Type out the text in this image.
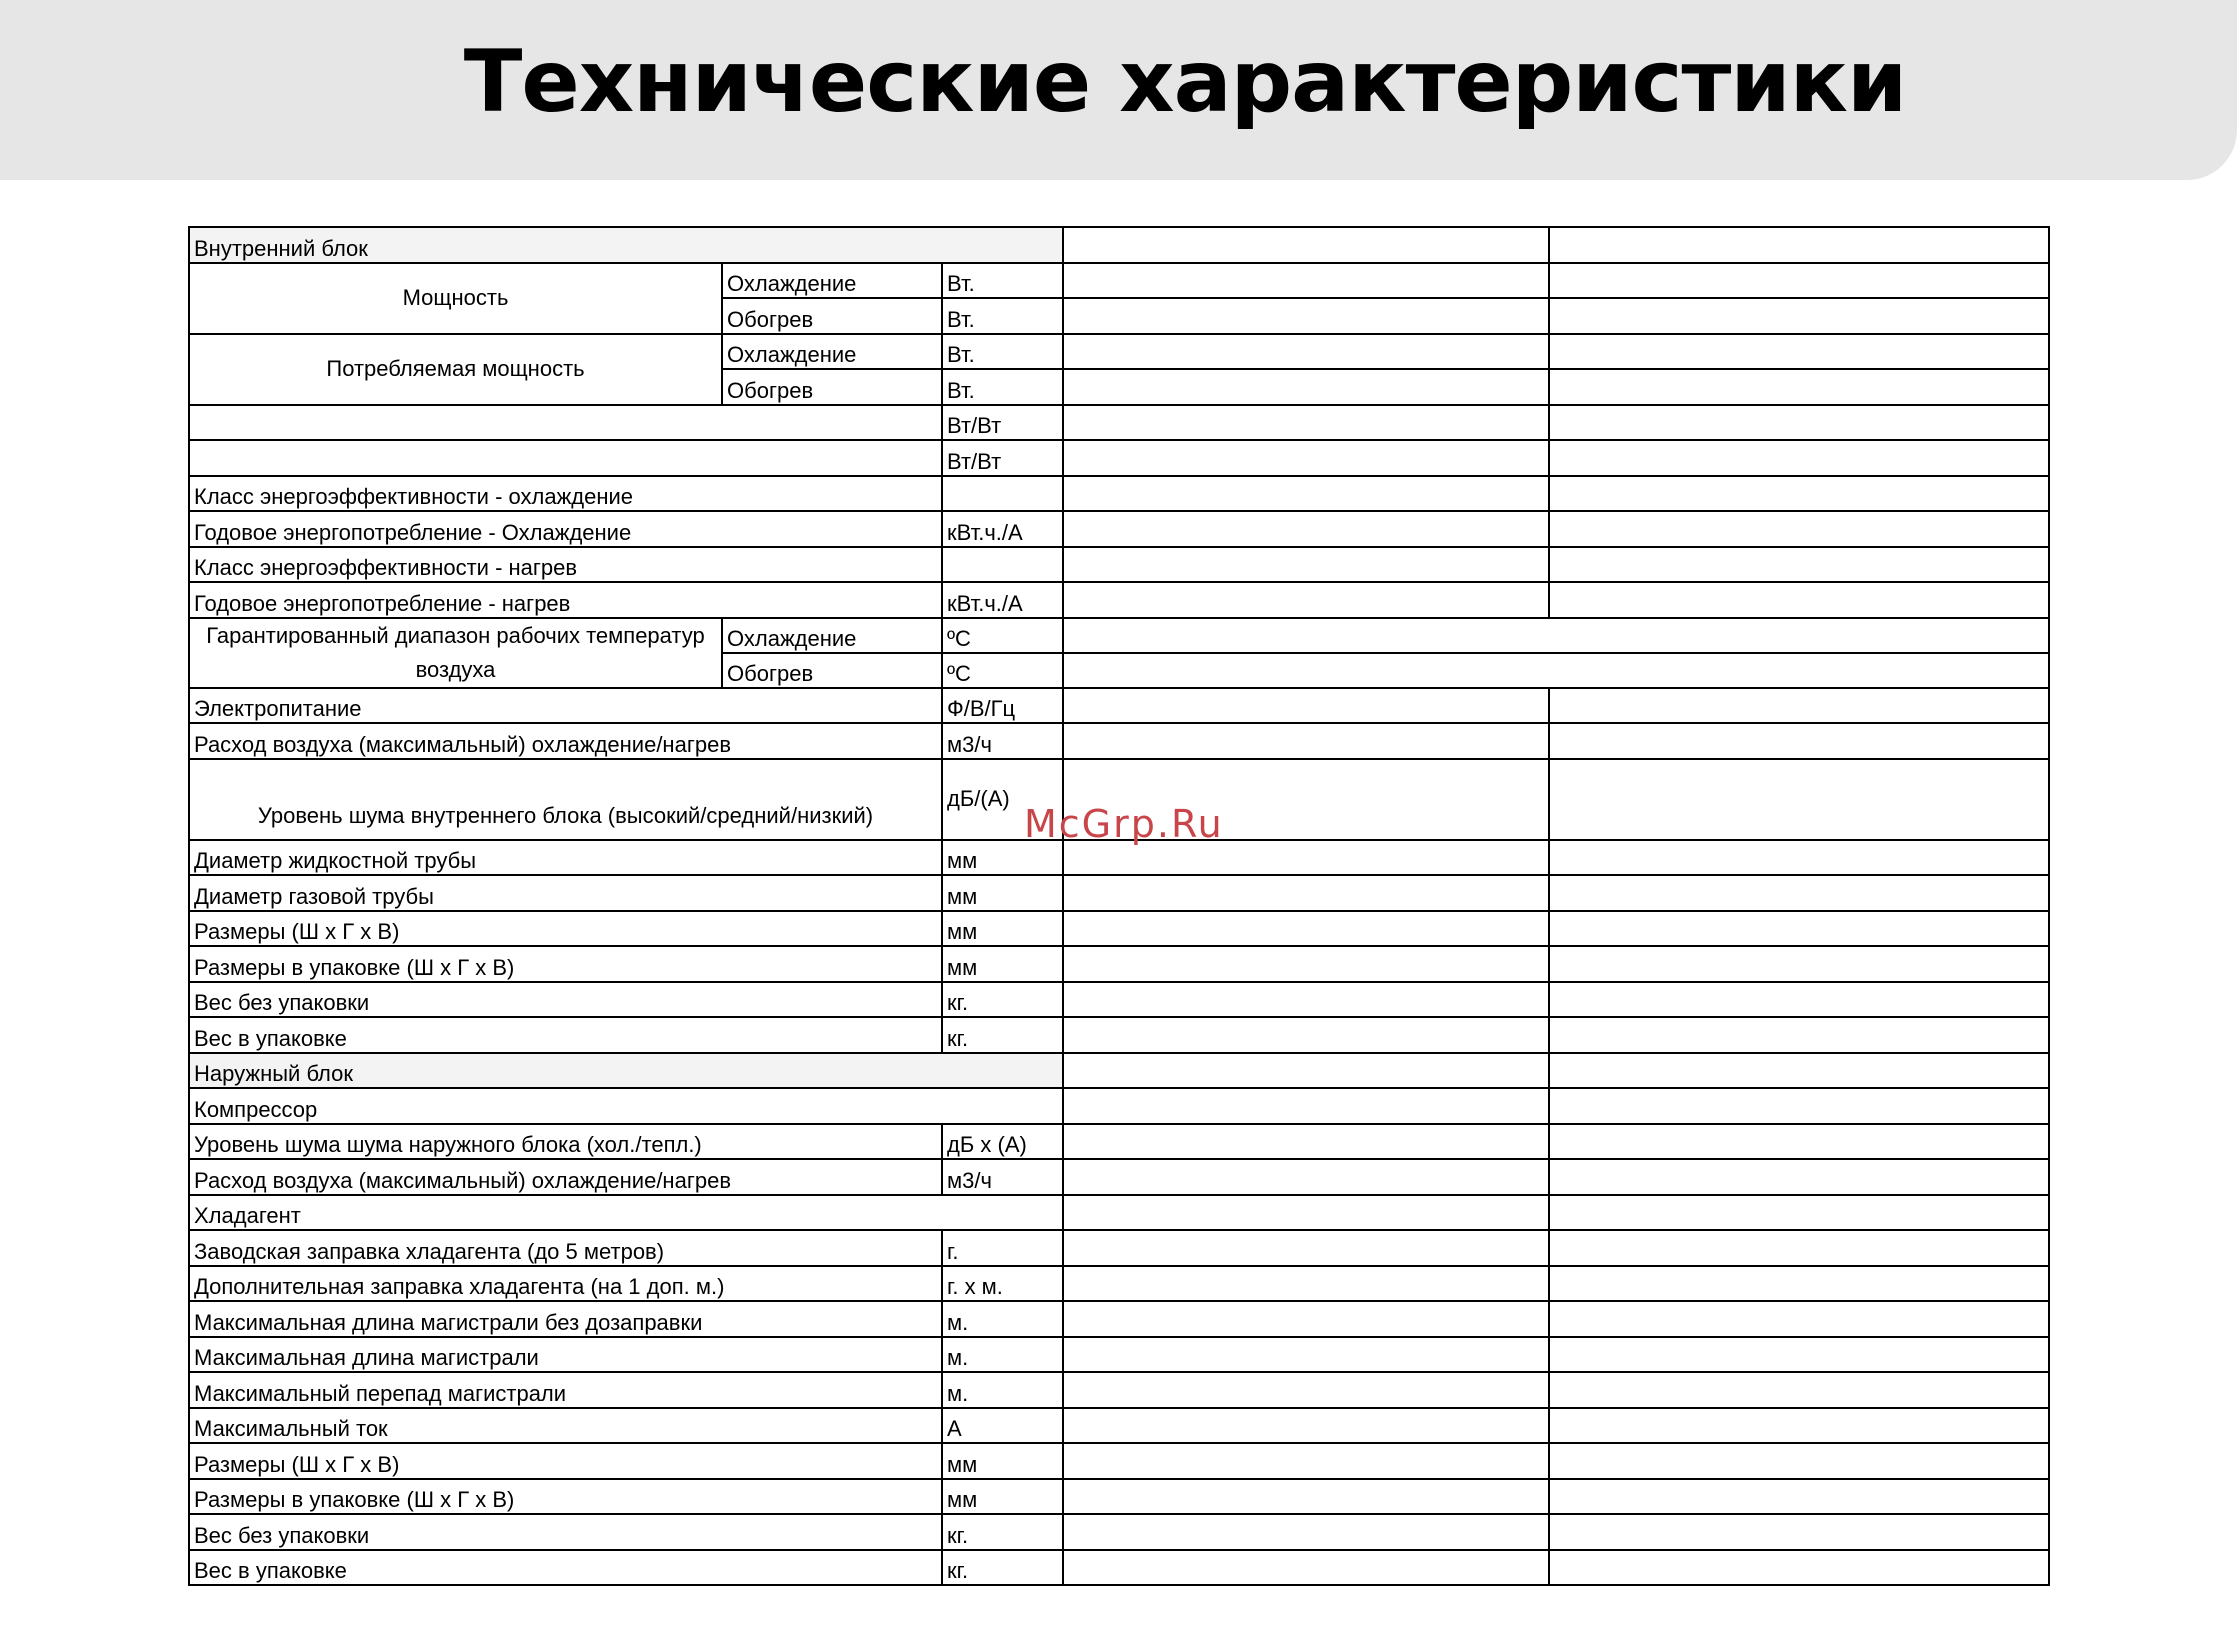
Технические характеристики
Внутренний блок				
Мощность	Охлаждение	Вт.		
	Обогрев	Вт.		
Потребляемая мощность	Охлаждение	Вт.		
	Обогрев	Вт.		
		Вт/Вт		
		Вт/Вт		
Класс энергоэффективности - охлаждение				
Годовое энергопотребление - Охлаждение		кВт.ч./А		
Класс энергоэффективности - нагрев				
Годовое энергопотребление - нагрев		кВт.ч./А		
Гарантированный диапазон рабочих температур воздуха	Охлаждение	ºC		
	Обогрев	ºC		
Электропитание		Ф/В/Гц		
Расход воздуха (максимальный) охлаждение/нагрев		м3/ч		
Уровень шума внутреннего блока (высокий/средний/низкий)		дБ/(А)		
Диаметр жидкостной трубы		мм		
Диаметр газовой трубы		мм		
Размеры (Ш х Г х В)		мм		
Размеры в упаковке (Ш х Г х В)		мм		
Вес без упаковки		кг.		
Вес в упаковке		кг.		
Наружный блок				
Компрессор				
Уровень шума шума наружного блока (хол./тепл.)		дБ х (А)		
Расход воздуха (максимальный) охлаждение/нагрев		м3/ч		
Хладагент				
Заводская заправка хладагента (до 5 метров)		г.		
Дополнительная заправка хладагента (на 1 доп. м.)		г. х м.		
Максимальная длина магистрали без дозаправки		м.		
Максимальная длина магистрали		м.		
Максимальный перепад магистрали		м.		
Максимальный ток		А		
Размеры (Ш х Г х В)		мм		
Размеры в упаковке (Ш х Г х В)		мм		
Вес без упаковки		кг.		
Вес в упаковке		кг.		
McGrp.Ru
